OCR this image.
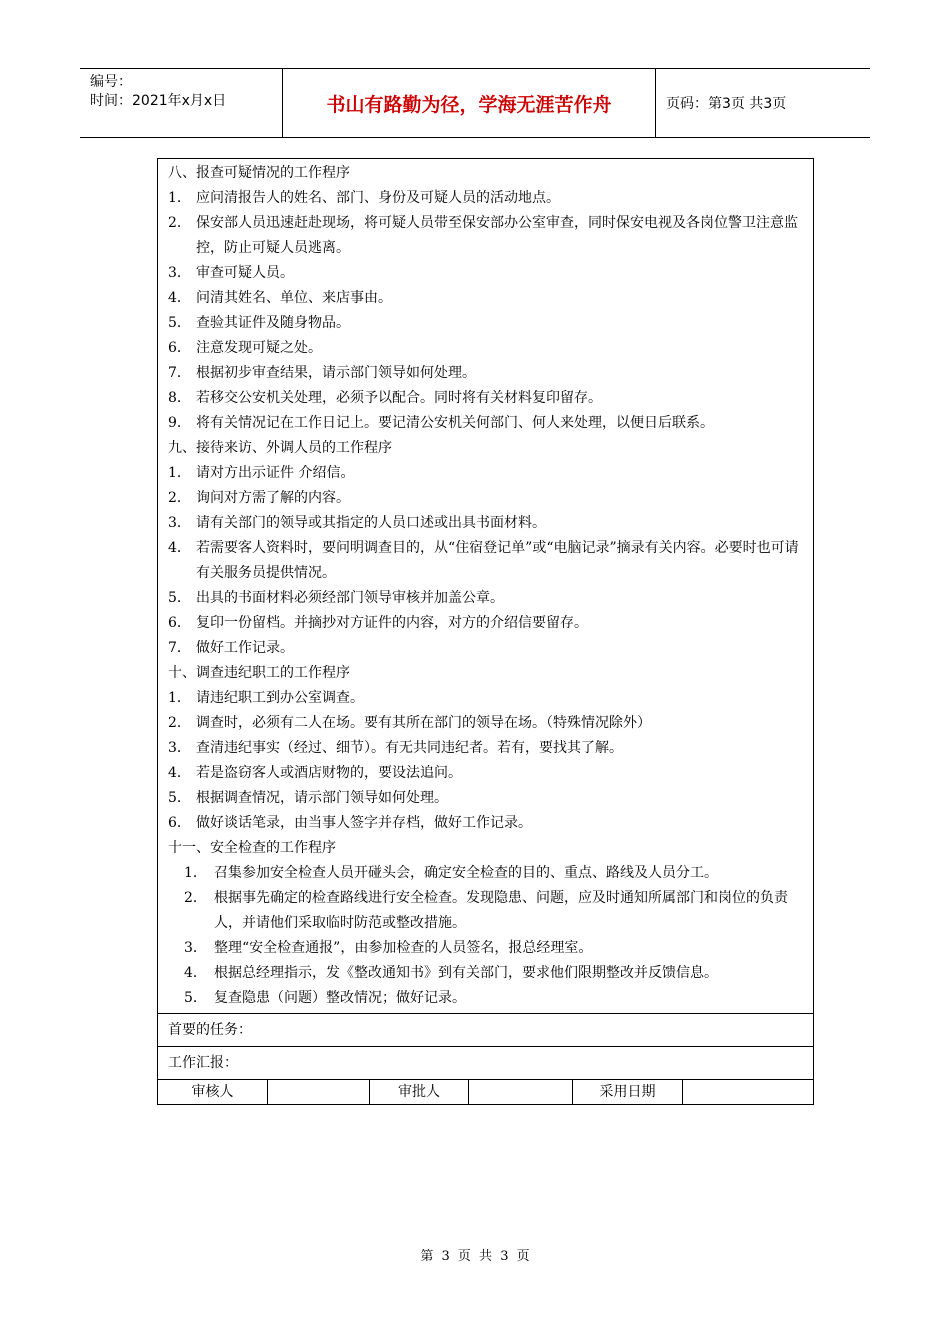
编号：
时间：2021年x月x日	书山有路勤为径，学海无涯苦作舟	页码：第3页 共3页
八、报查可疑情况的工作程序
1． 应问清报告人的姓名、部门、身份及可疑人员的活动地点。
2． 保安部人员迅速赶赴现场，将可疑人员带至保安部办公室审查，同时保安电视及各岗位警卫注意监控，防止可疑人员逃离。
3． 审查可疑人员。
4． 问清其姓名、单位、来店事由。
5． 查验其证件及随身物品。
6． 注意发现可疑之处。
7． 根据初步审查结果，请示部门领导如何处理。
8． 若移交公安机关处理，必须予以配合。同时将有关材料复印留存。
9． 将有关情况记在工作日记上。要记清公安机关何部门、何人来处理，以便日后联系。
九、接待来访、外调人员的工作程序
1． 请对方出示证件 介绍信。
2． 询问对方需了解的内容。
3． 请有关部门的领导或其指定的人员口述或出具书面材料。
4． 若需要客人资料时，要问明调查目的，从“住宿登记单”或“电脑记录”摘录有关内容。必要时也可请有关服务员提供情况。
5． 出具的书面材料必须经部门领导审核并加盖公章。
6． 复印一份留档。并摘抄对方证件的内容，对方的介绍信要留存。
7． 做好工作记录。
十、调查违纪职工的工作程序
1． 请违纪职工到办公室调查。
2． 调查时，必须有二人在场。要有其所在部门的领导在场。（特殊情况除外）
3． 查清违纪事实（经过、细节）。有无共同违纪者。若有，要找其了解。
4． 若是盗窃客人或酒店财物的，要设法追问。
5． 根据调查情况，请示部门领导如何处理。
6． 做好谈话笔录，由当事人签字并存档，做好工作记录。
十一、安全检查的工作程序
1． 召集参加安全检查人员开碰头会，确定安全检查的目的、重点、路线及人员分工。
2． 根据事先确定的检查路线进行安全检查。发现隐患、问题，应及时通知所属部门和岗位的负责人，并请他们采取临时防范或整改措施。
3． 整理“安全检查通报”，由参加检查的人员签名，报总经理室。
4． 根据总经理指示，发《整改通知书》到有关部门，要求他们限期整改并反馈信息。
5． 复查隐患（问题）整改情况；做好记录。
首要的任务：
工作汇报：
审核人	审批人	采用日期
第 3 页 共 3 页
